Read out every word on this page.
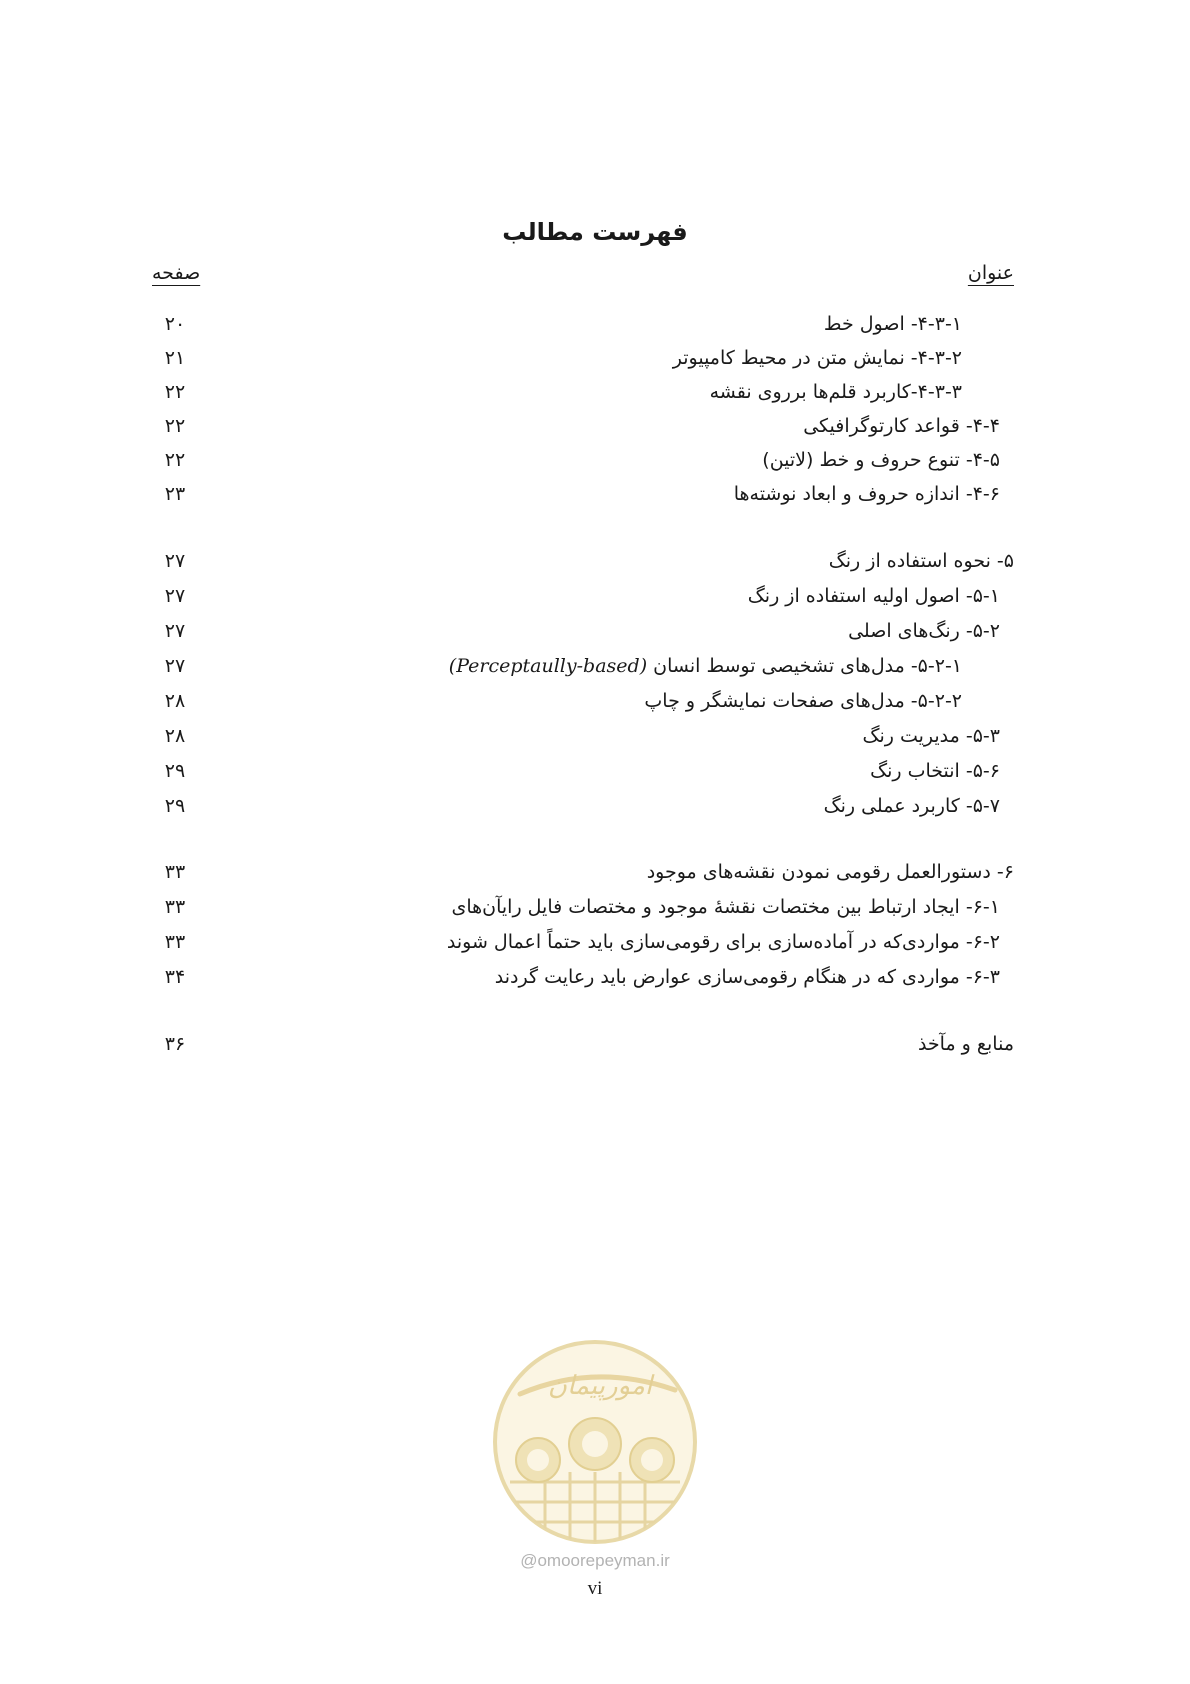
فهرست مطالب
عنوان
صفحه
۴-۳-۱- اصول خط
۲۰
۴-۳-۲- نمایش متن در محیط کامپیوتر
۲۱
۴-۳-۳-کاربرد قلم‌ها برروی نقشه
۲۲
۴-۴- قواعد کارتوگرافیکی
۲۲
۴-۵- تنوع حروف و خط (لاتین)
۲۲
۴-۶- اندازه حروف و ابعاد نوشته‌ها
۲۳
۵- نحوه استفاده از رنگ
۲۷
۵-۱- اصول اولیه استفاده از رنگ
۲۷
۵-۲- رنگ‌های اصلی
۲۷
۵-۲-۱- مدل‌های تشخیصی توسط انسان (Perceptaully-based)
۲۷
۵-۲-۲- مدل‌های صفحات نمایشگر و چاپ
۲۸
۵-۳- مدیریت رنگ
۲۸
۵-۶- انتخاب رنگ
۲۹
۵-۷- کاربرد عملی رنگ
۲۹
۶- دستورالعمل رقومی نمودن نقشه‌های موجود
۳۳
۶-۱- ایجاد ارتباط بین مختصات نقشهٔ موجود و مختصات فایل رایآن‌های
۳۳
۶-۲- مواردی‌که در آماده‌سازی برای رقومی‌سازی باید حتماً اعمال شوند
۳۳
۶-۳- مواردی که در هنگام رقومی‌سازی عوارض باید رعایت گردند
۳۴
منابع و مآخذ
۳۶
امورپیمان
@omoorepeyman.ir
vi
